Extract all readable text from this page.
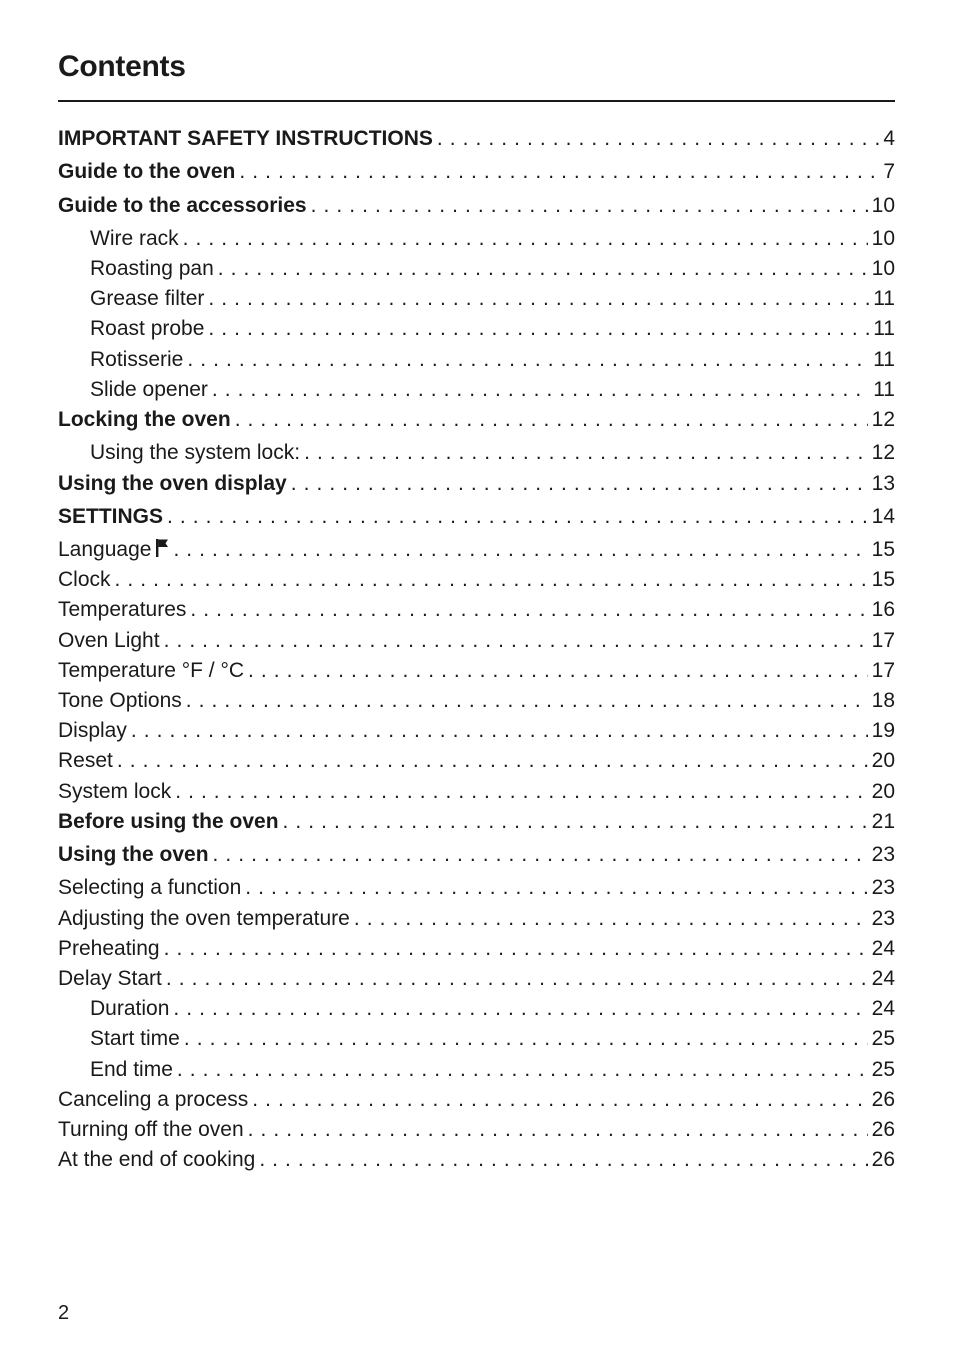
Contents
IMPORTANT SAFETY INSTRUCTIONS . . .	4
Guide to the oven . . .	7
Guide to the accessories . . .	10
Wire rack . . .	10
Roasting pan . . .	10
Grease filter . . .	11
Roast probe . . .	11
Rotisserie . . .	11
Slide opener . . .	11
Locking the oven . . .	12
Using the system lock: . . .	12
Using the oven display . . .	13
SETTINGS . . .	14
Language . . .	15
Clock . . .	15
Temperatures . . .	16
Oven Light . . .	17
Temperature °F / °C . . .	17
Tone Options . . .	18
Display . . .	19
Reset . . .	20
System lock . . .	20
Before using the oven . . .	21
Using the oven . . .	23
Selecting a function . . .	23
Adjusting the oven temperature . . .	23
Preheating . . .	24
Delay Start . . .	24
Duration . . .	24
Start time . . .	25
End time . . .	25
Canceling a process . . .	26
Turning off the oven . . .	26
At the end of cooking . . .	26
2
